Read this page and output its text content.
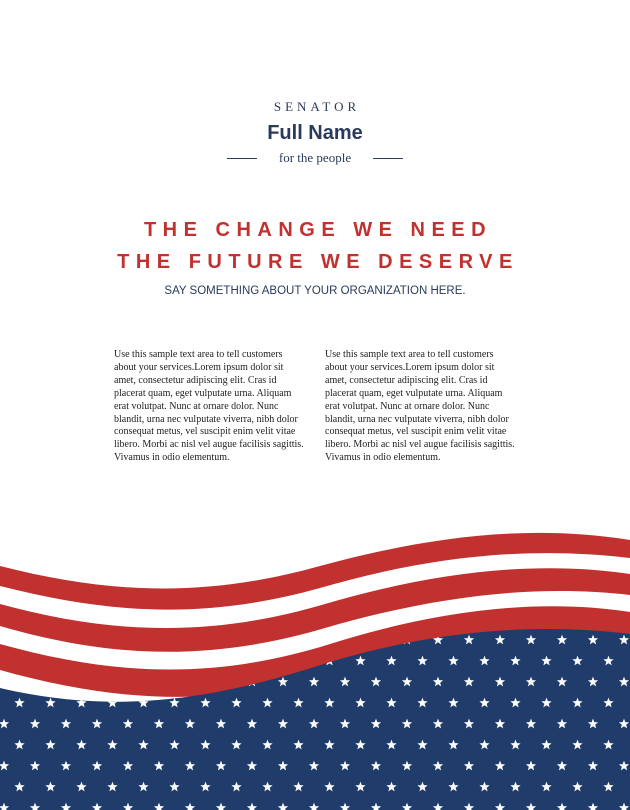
SENATOR
Full Name
for the people
THE CHANGE WE NEED
THE FUTURE WE DESERVE
SAY SOMETHING ABOUT YOUR ORGANIZATION HERE.
Use this sample text area to tell customers about your services.Lorem ipsum dolor sit amet, consectetur adipiscing elit. Cras id placerat quam, eget vulputate urna. Aliquam erat volutpat. Nunc at ornare dolor. Nunc blandit, urna nec vulputate viverra, nibh dolor consequat metus, vel suscipit enim velit vitae libero. Morbi ac nisl vel augue facilisis sagittis. Vivamus in odio elementum.
Use this sample text area to tell customers about your services.Lorem ipsum dolor sit amet, consectetur adipiscing elit. Cras id placerat quam, eget vulputate urna. Aliquam erat volutpat. Nunc at ornare dolor. Nunc blandit, urna nec vulputate viverra, nibh dolor consequat metus, vel suscipit enim velit vitae libero. Morbi ac nisl vel augue facilisis sagittis. Vivamus in odio elementum.
